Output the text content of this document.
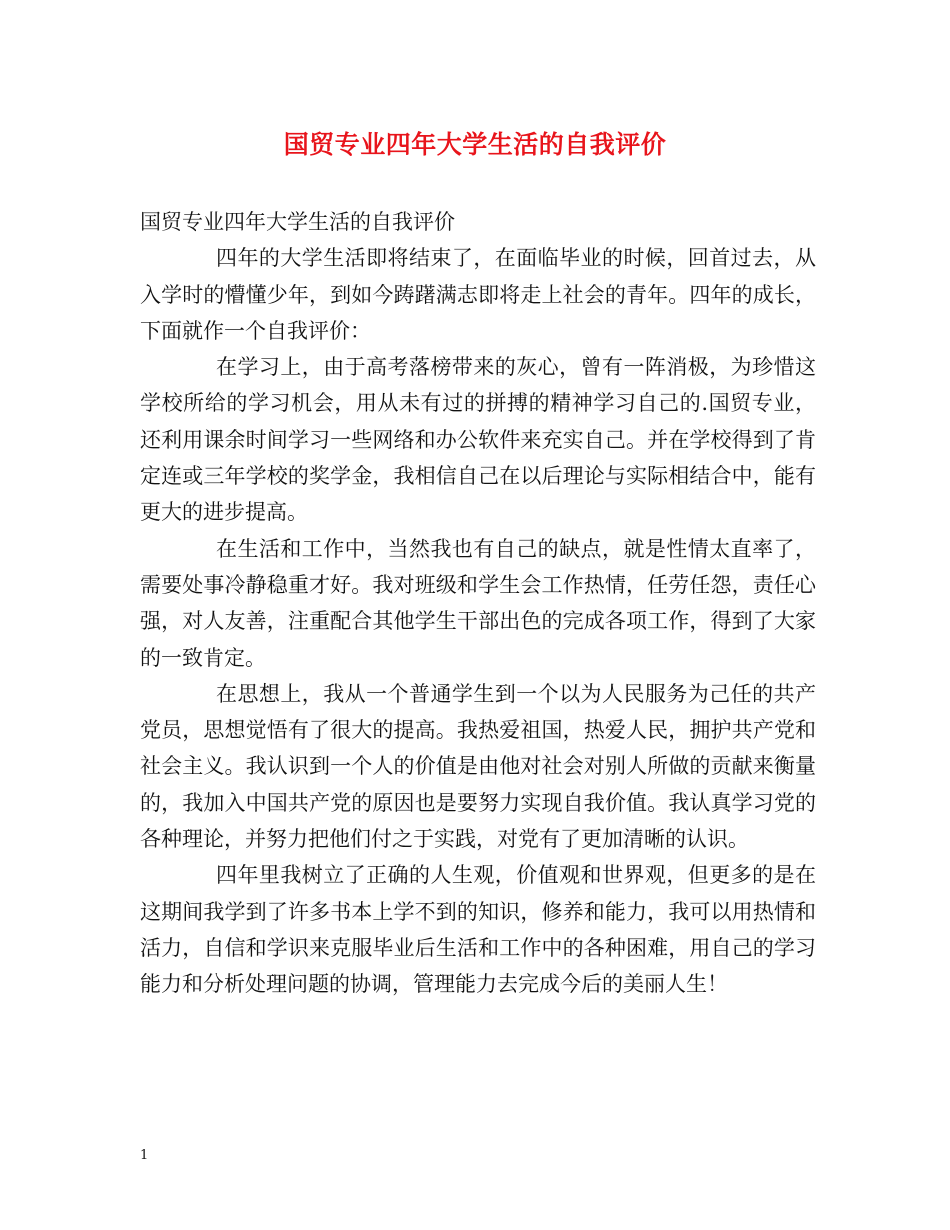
国贸专业四年大学生活的自我评价

国贸专业四年大学生活的自我评价

四年的大学生活即将结束了，在面临毕业的时候，回首过去，从入学时的懵懂少年，到如今踌躇满志即将走上社会的青年。四年的成长，下面就作一个自我评价：

在学习上，由于高考落榜带来的灰心，曾有一阵消极，为珍惜这学校所给的学习机会，用从未有过的拼搏的精神学习自己的.国贸专业，还利用课余时间学习一些网络和办公软件来充实自己。并在学校得到了肯定连或三年学校的奖学金，我相信自己在以后理论与实际相结合中，能有更大的进步提高。

在生活和工作中，当然我也有自己的缺点，就是性情太直率了，需要处事冷静稳重才好。我对班级和学生会工作热情，任劳任怨，责任心强，对人友善，注重配合其他学生干部出色的完成各项工作，得到了大家的一致肯定。

在思想上，我从一个普通学生到一个以为人民服务为己任的共产党员，思想觉悟有了很大的提高。我热爱祖国，热爱人民，拥护共产党和社会主义。我认识到一个人的价值是由他对社会对别人所做的贡献来衡量的，我加入中国共产党的原因也是要努力实现自我价值。我认真学习党的各种理论，并努力把他们付之于实践，对党有了更加清晰的认识。

四年里我树立了正确的人生观，价值观和世界观，但更多的是在这期间我学到了许多书本上学不到的知识，修养和能力，我可以用热情和活力，自信和学识来克服毕业后生活和工作中的各种困难，用自己的学习能力和分析处理问题的协调，管理能力去完成今后的美丽人生！

1
